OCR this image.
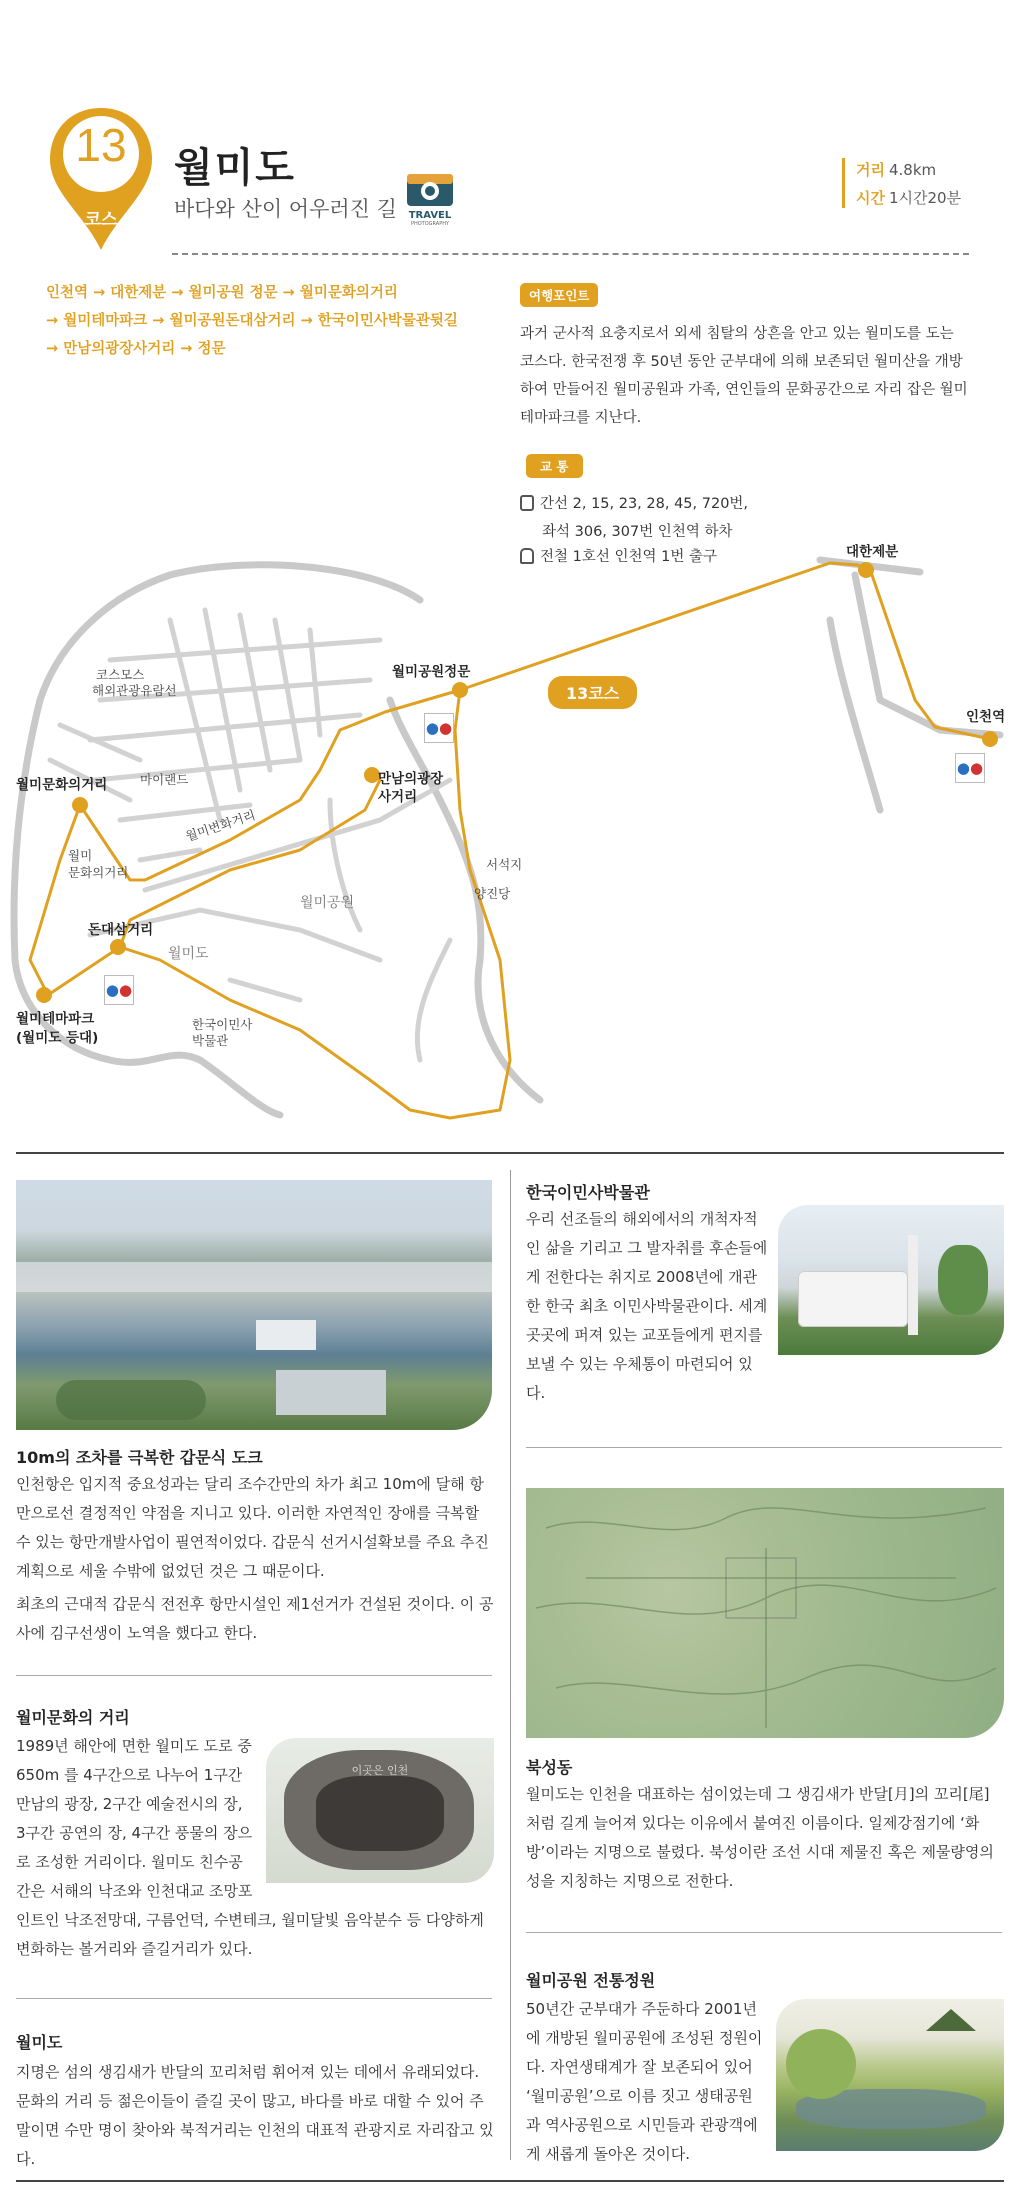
13
코스
월미도
바다와 산이 어우러진 길	TRAVEL
PHOTOGRAPHY
거리 4.8km
시간 1시간20분
인천역 → 대한제분 → 월미공원 정문 → 월미문화의거리
→ 월미테마파크 → 월미공원돈대삼거리 → 한국이민사박물관뒷길
→ 만남의광장사거리 → 정문
여행포인트
과거 군사적 요충지로서 외세 침탈의 상흔을 안고 있는 월미도를 도는 코스다. 한국전쟁 후 50년 동안 군부대에 의해 보존되던 월미산을 개방하여 만들어진 월미공원과 가족, 연인들의 문화공간으로 자리 잡은 월미테마파크를 지난다.
교 통
간선 2, 15, 23, 28, 45, 720번,
좌석 306, 307번 인천역 하차
●●
●●
●●
13코스
대한제분
인천역
월미공원정문
코스모스
해외관광유람선
만남의광장
사거리
월미문화의거리	마이랜드
월미변화거리
월미
문화의거리
서석지
양진당
월미공원
돈대삼거리
월미도
월미테마파크
(월미도 등대)
한국이민사
박물관
전철 1호선 인천역 1번 출구
10m의 조차를 극복한 갑문식 도크
인천항은 입지적 중요성과는 달리 조수간만의 차가 최고 10m에 달해 항만으로선 결정적인 약점을 지니고 있다. 이러한 자연적인 장애를 극복할 수 있는 항만개발사업이 필연적이었다. 갑문식 선거시설확보를 주요 추진 계획으로 세울 수밖에 없었던 것은 그 때문이다.
최초의 근대적 갑문식 전전후 항만시설인 제1선거가 건설된 것이다. 이 공사에 김구선생이 노역을 했다고 한다.
월미문화의 거리
이곳은 인천
1989년 해안에 면한 월미도 도로 중 650m 를 4구간으로 나누어 1구간 만남의 광장, 2구간 예술전시의 장, 3구간 공연의 장, 4구간 풍물의 장으로 조성한 거리이다. 월미도 친수공간은 서해의 낙조와 인천대교 조망포인트인 낙조전망대, 구름언덕, 수변테크, 월미달빛 음악분수 등 다양하게 변화하는 볼거리와 즐길거리가 있다.
월미도
지명은 섬의 생김새가 반달의 꼬리처럼 휘어져 있는 데에서 유래되었다. 문화의 거리 등 젊은이들이 즐길 곳이 많고, 바다를 바로 대할 수 있어 주말이면 수만 명이 찾아와 북적거리는 인천의 대표적 관광지로 자리잡고 있다.
한국이민사박물관
우리 선조들의 해외에서의 개척자적인 삶을 기리고 그 발자취를 후손들에게 전한다는 취지로 2008년에 개관한 한국 최초 이민사박물관이다. 세계 곳곳에 퍼져 있는 교포들에게 편지를 보낼 수 있는 우체통이 마련되어 있다.
북성동
월미도는 인천을 대표하는 섬이었는데 그 생김새가 반달[月]의 꼬리[尾]처럼 길게 늘어져 있다는 이유에서 붙여진 이름이다. 일제강점기에 ‘화방’이라는 지명으로 불렸다. 북성이란 조선 시대 제물진 혹은 제물량영의 성을 지칭하는 지명으로 전한다.
월미공원 전통정원
50년간 군부대가 주둔하다 2001년에 개방된 월미공원에 조성된 정원이다. 자연생태계가 잘 보존되어 있어 ‘월미공원’으로 이름 짓고 생태공원과 역사공원으로 시민들과 관광객에게 새롭게 돌아온 것이다.
